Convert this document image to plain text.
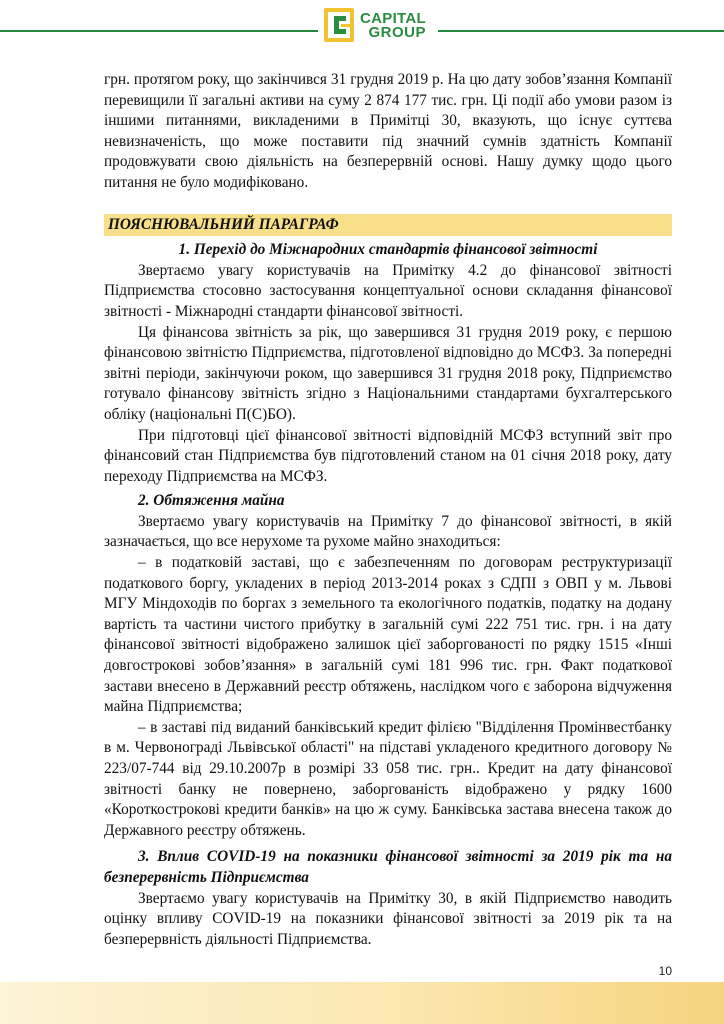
CAPITAL
GROUP

грн. протягом року, що закінчився 31 грудня 2019 р. На цю дату зобов’язання Компанії перевищили її загальні активи на суму 2 874 177 тис. грн. Ці події або умови разом із іншими питаннями, викладеними в Примітці 30, вказують, що існує суттєва невизначеність, що може поставити під значний сумнів здатність Компанії продовжувати свою діяльність на безперервній основі. Нашу думку щодо цього питання не було модифіковано.

ПОЯСНЮВАЛЬНИЙ ПАРАГРАФ

1. Перехід до Міжнародних стандартів фінансової звітності

Звертаємо увагу користувачів на Примітку 4.2 до фінансової звітності Підприємства стосовно застосування концептуальної основи складання фінансової звітності - Міжнародні стандарти фінансової звітності.

Ця фінансова звітність за рік, що завершився 31 грудня 2019 року, є першою фінансовою звітністю Підприємства, підготовленої відповідно до МСФЗ. За попередні звітні періоди, закінчуючи роком, що завершився 31 грудня 2018 року, Підприємство готувало фінансову звітність згідно з Національними стандартами бухгалтерського обліку (національні П(С)БО).

При підготовці цієї фінансової звітності відповідній МСФЗ вступний звіт про фінансовий стан Підприємства був підготовлений станом на 01 січня 2018 року, дату переходу Підприємства на МСФЗ.

2. Обтяження майна

Звертаємо увагу користувачів на Примітку 7 до фінансової звітності, в якій зазначається, що все нерухоме та рухоме майно знаходиться:

– в податковій заставі, що є забезпеченням по договорам реструктуризації податкового боргу, укладених в період 2013-2014 роках з СДПІ з ОВП у м. Львові МГУ Міндоходів по боргах з земельного та екологічного податків, податку на додану вартість та частини чистого прибутку в загальній сумі 222 751 тис. грн. і на дату фінансової звітності відображено залишок цієї заборгованості по рядку 1515 «Інші довгострокові зобов’язання» в загальній сумі 181 996 тис. грн. Факт податкової застави внесено в Державний реєстр обтяжень, наслідком чого є заборона відчуження майна Підприємства;

– в заставі під виданий банківський кредит філією "Відділення Промінвестбанку в м. Червонограді Львівської області" на підставі укладеного кредитного договору № 223/07-744 від 29.10.2007р в розмірі 33 058 тис. грн.. Кредит на дату фінансової звітності банку не повернено, заборгованість відображено у рядку 1600 «Короткострокові кредити банків» на цю ж суму. Банківська застава внесена також до Державного реєстру обтяжень.

3. Вплив COVID-19 на показники фінансової звітності за 2019 рік та на безперервність Підприємства

Звертаємо увагу користувачів на Примітку 30, в якій Підприємство наводить оцінку впливу COVID-19 на показники фінансової звітності за 2019 рік та на безперервність діяльності Підприємства.

10
